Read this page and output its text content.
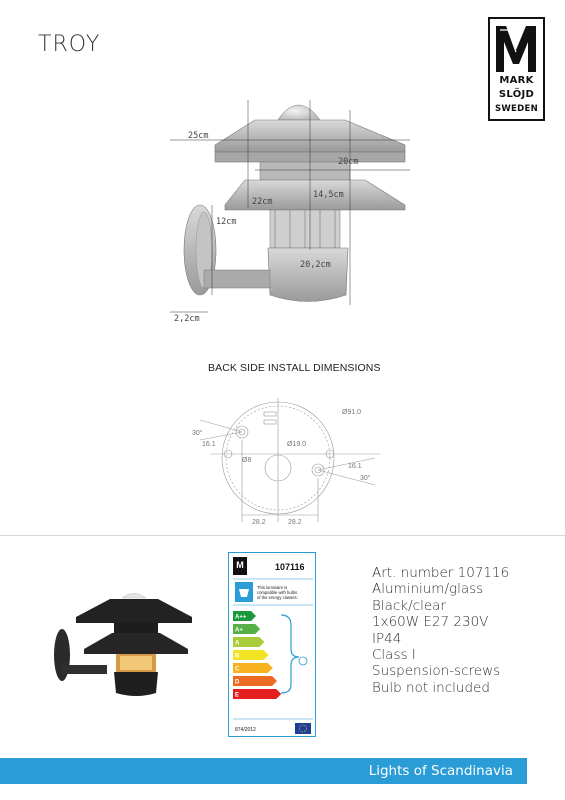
TROY
MARK
SLÖJD
SWEDEN
25cm
20cm
22cm
14,5cm
12cm
20,2cm
2,2cm
BACK SIDE INSTALL DIMENSIONS
Ø91.0
Ø19.0
Ø8
30°
16.1
30°
16.1
28.2	28.2
M	107116
This luminaire is
compatible with bulbs
of the energy classes:
A++
A+
A
B
C
D
E
874/2012
Art. number 107116
Aluminium/glass
Black/clear
1x60W E27 230V
IP44
Class I
Suspension-screws
Bulb not included
Lights of Scandinavia
